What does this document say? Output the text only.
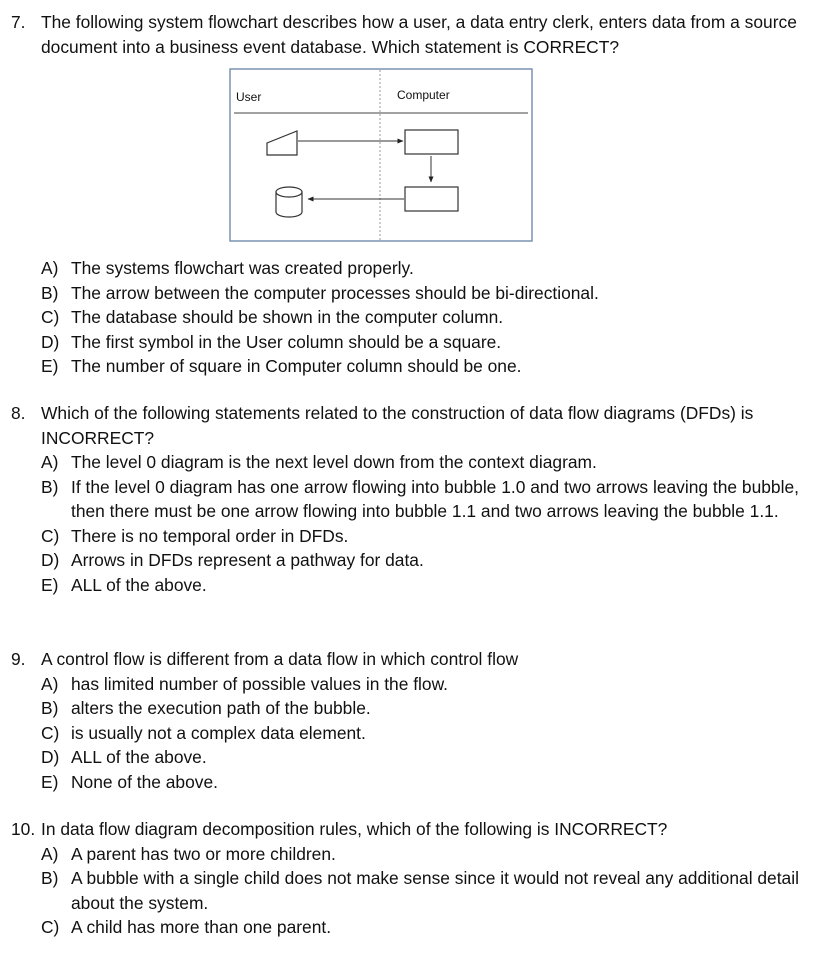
7. The following system flowchart describes how a user, a data entry clerk, enters data from a source document into a business event database. Which statement is CORRECT?
User	Computer
A) The systems flowchart was created properly.
B) The arrow between the computer processes should be bi-directional.
C) The database should be shown in the computer column.
D) The first symbol in the User column should be a square.
E) The number of square in Computer column should be one.
8. Which of the following statements related to the construction of data flow diagrams (DFDs) is INCORRECT?
A) The level 0 diagram is the next level down from the context diagram.
B) If the level 0 diagram has one arrow flowing into bubble 1.0 and two arrows leaving the bubble, then there must be one arrow flowing into bubble 1.1 and two arrows leaving the bubble 1.1.
C) There is no temporal order in DFDs.
D) Arrows in DFDs represent a pathway for data.
E) ALL of the above.
9. A control flow is different from a data flow in which control flow
A) has limited number of possible values in the flow.
B) alters the execution path of the bubble.
C) is usually not a complex data element.
D) ALL of the above.
E) None of the above.
10. In data flow diagram decomposition rules, which of the following is INCORRECT?
A) A parent has two or more children.
B) A bubble with a single child does not make sense since it would not reveal any additional detail about the system.
C) A child has more than one parent.
